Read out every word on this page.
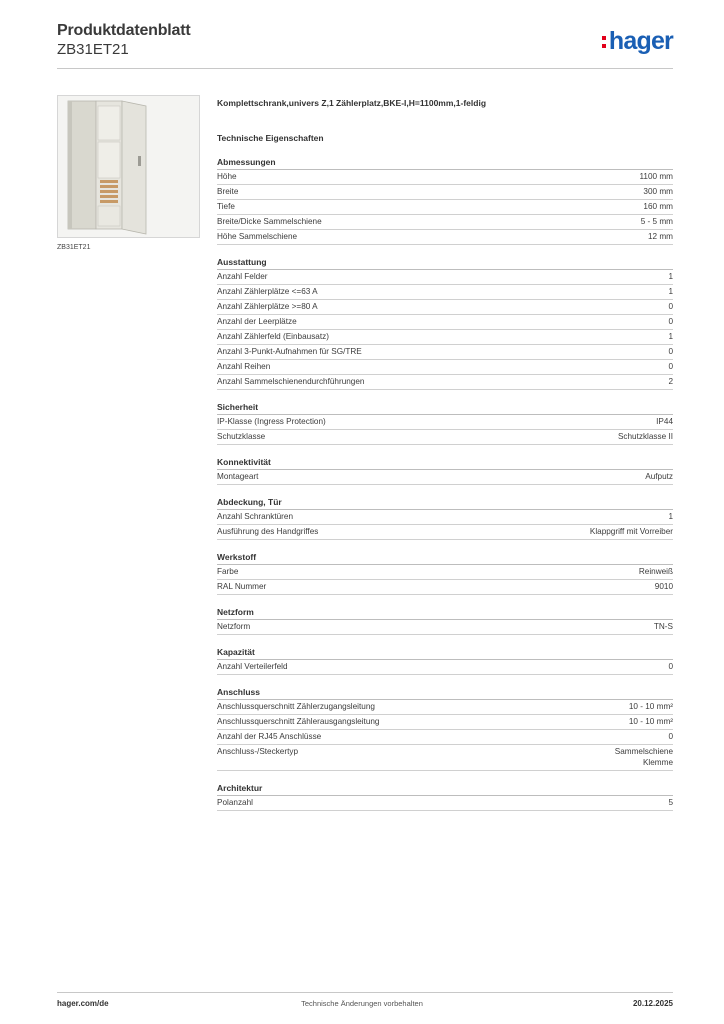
Produktdatenblatt
ZB31ET21	hager
ZB31ET21
Komplettschrank,univers Z,1 Zählerplatz,BKE-I,H=1100mm,1-feldig
Technische Eigenschaften
Abmessungen
Höhe	1100 mm
Breite	300 mm
Tiefe	160 mm
Breite/Dicke Sammelschiene	5 - 5 mm
Höhe Sammelschiene	12 mm
Ausstattung
Anzahl Felder	1
Anzahl Zählerplätze <=63 A	1
Anzahl Zählerplätze >=80 A	0
Anzahl der Leerplätze	0
Anzahl Zählerfeld (Einbausatz)	1
Anzahl 3-Punkt-Aufnahmen für SG/TRE	0
Anzahl Reihen	0
Anzahl Sammelschienendurchführungen	2
Sicherheit
IP-Klasse (Ingress Protection)	IP44
Schutzklasse	Schutzklasse II
Konnektivität
Montageart	Aufputz
Abdeckung, Tür
Anzahl Schranktüren	1
Ausführung des Handgriffes	Klappgriff mit Vorreiber
Werkstoff
Farbe	Reinweiß
RAL Nummer	9010
Netzform
Netzform	TN-S
Kapazität
Anzahl Verteilerfeld	0
Anschluss
Anschlussquerschnitt Zählerzugangsleitung	10 - 10 mm²
Anschlussquerschnitt Zählerausgangsleitung	10 - 10 mm²
Anzahl der RJ45 Anschlüsse	0
Anschluss-/Steckertyp	Sammelschiene
Klemme
Architektur
Polanzahl	5
hager.com/de	Technische Änderungen vorbehalten	20.12.2025
